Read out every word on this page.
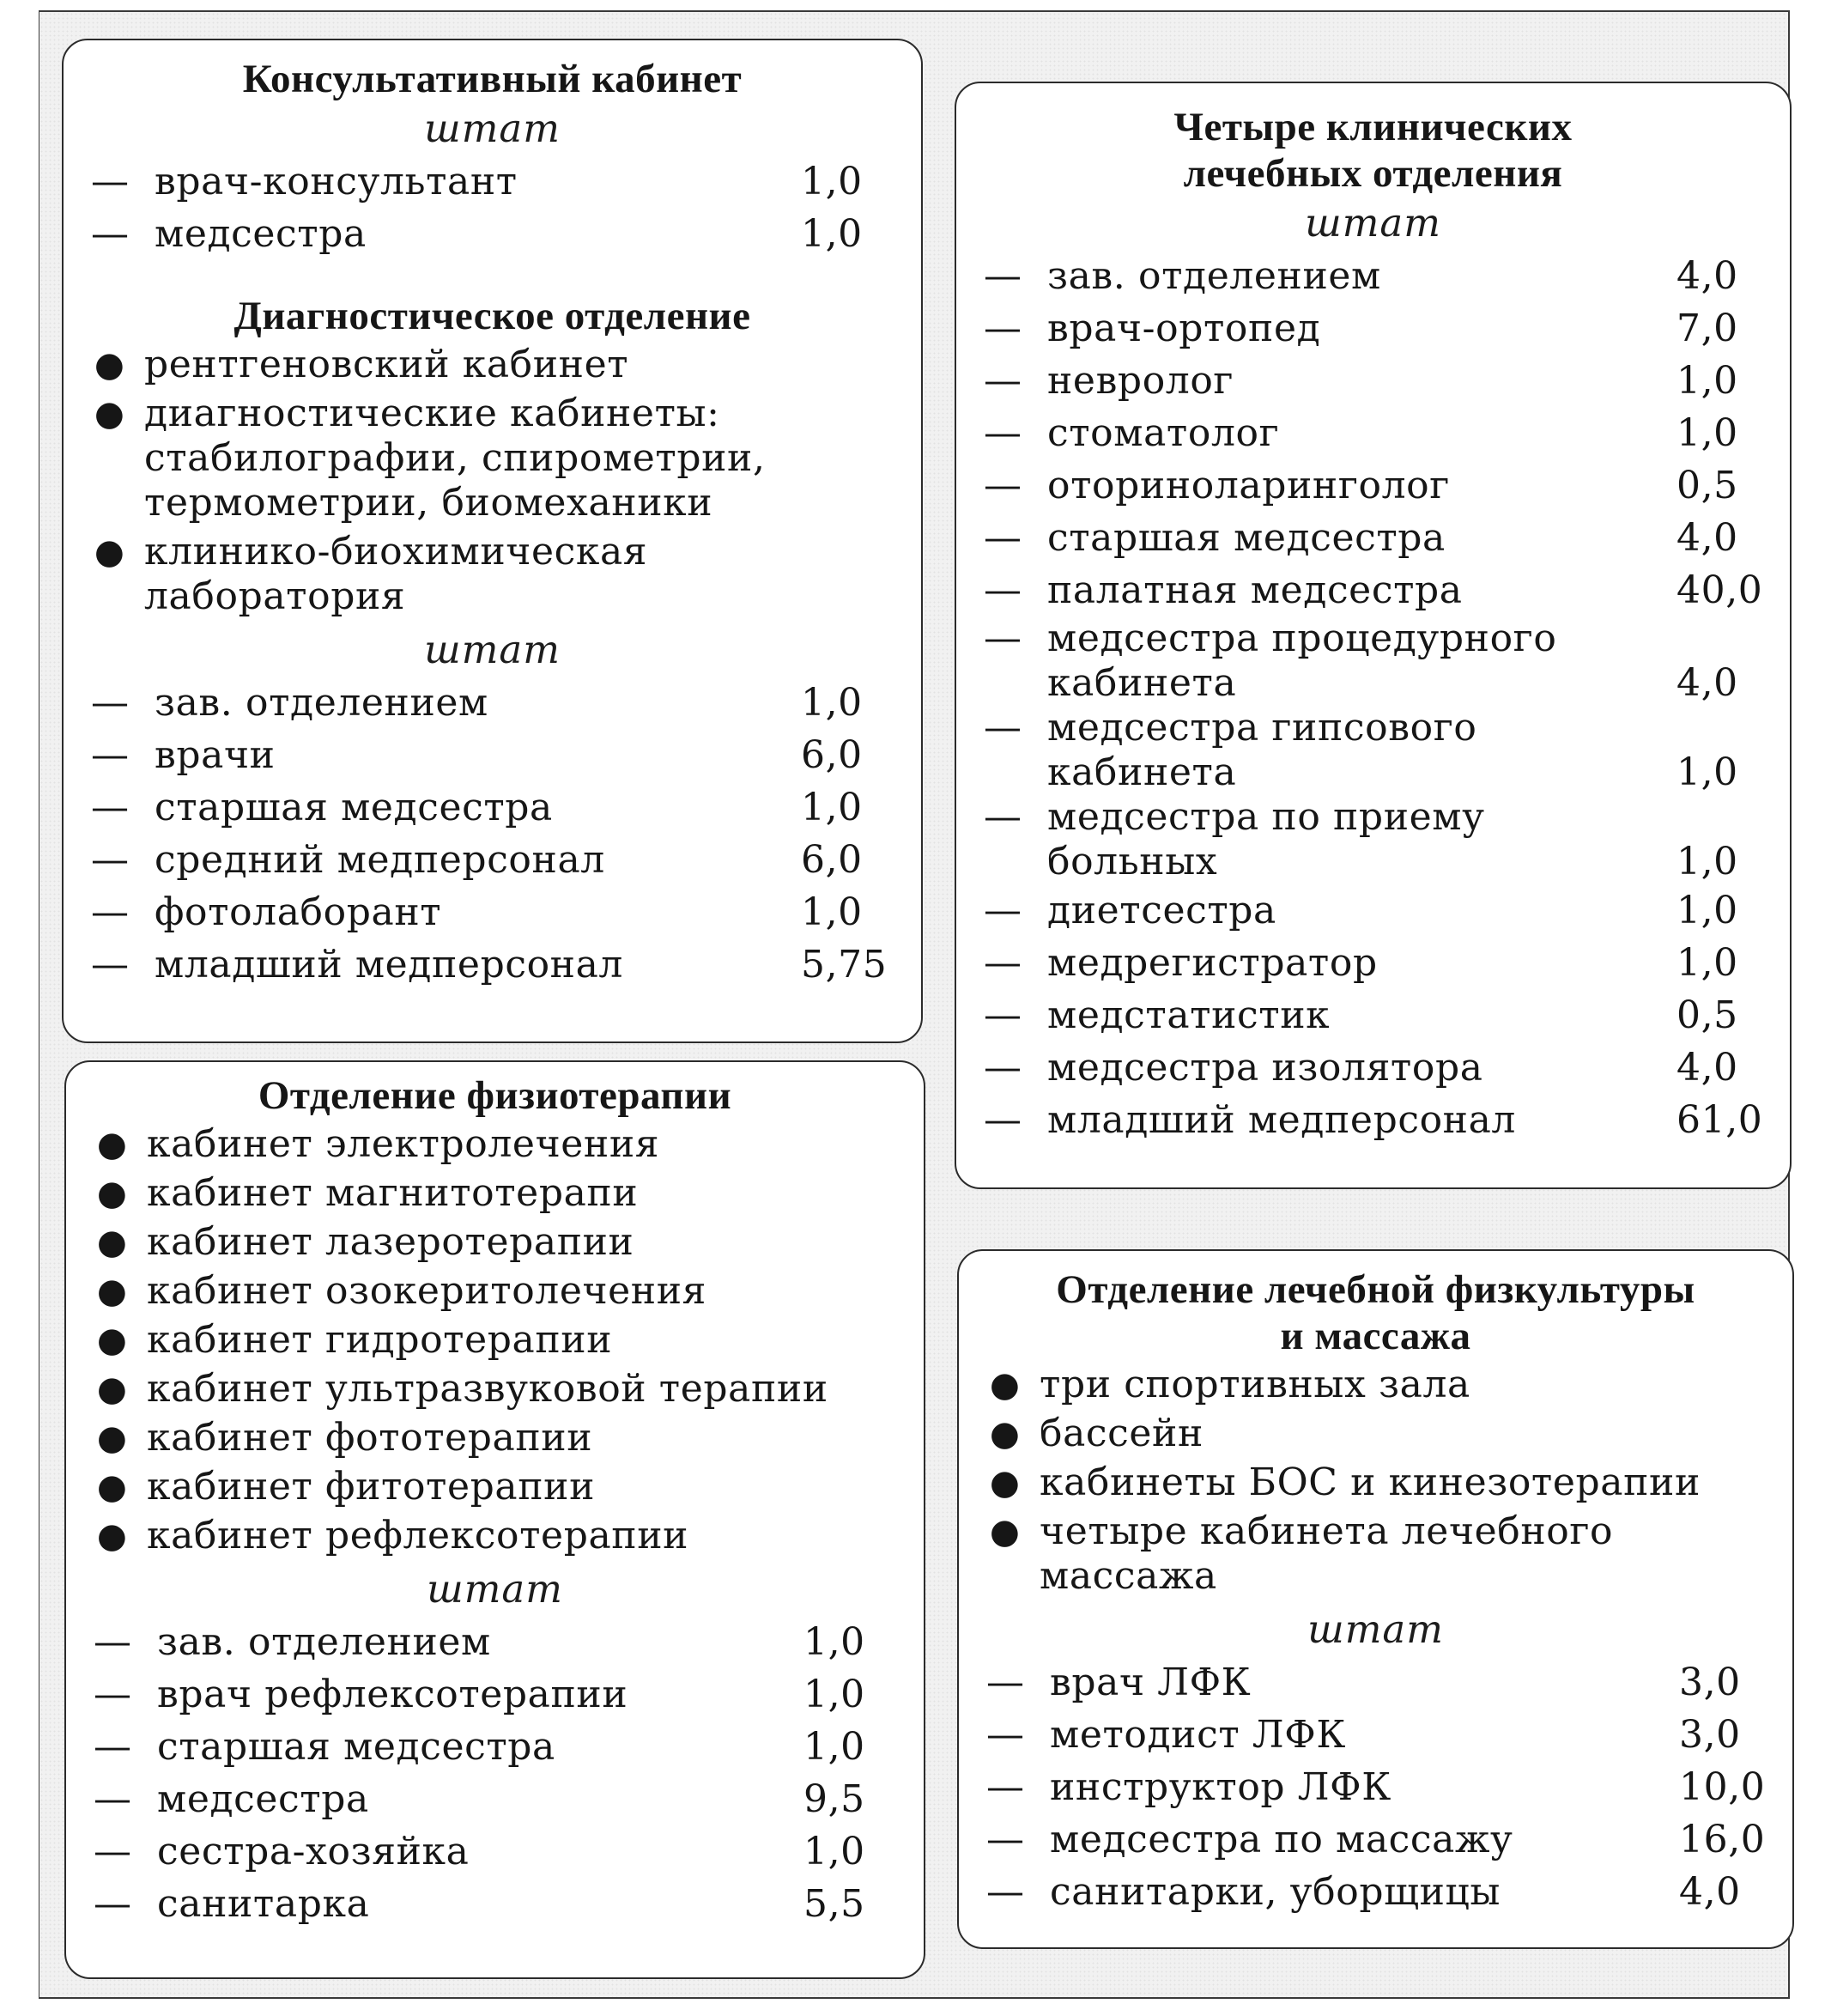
Консультативный кабинет
штат
— врач-консультант	1,0
— медсестра	1,0
Диагностическое отделение
● рентгеновский кабинет
● диагностические кабинеты: стабилографии, спирометрии, термометрии, биомеханики
● клинико-биохимическая лаборатория
штат
— зав. отделением	1,0
— врачи	6,0
— старшая медсестра	1,0
— средний медперсонал	6,0
— фотолаборант	1,0
— младший медперсонал	5,75
Отделение физиотерапии
● кабинет электролечения
● кабинет магнитотерапи
● кабинет лазеротерапии
● кабинет озокеритолечения
● кабинет гидротерапии
● кабинет ультразвуковой терапии
● кабинет фототерапии
● кабинет фитотерапии
● кабинет рефлексотерапии
штат
— зав. отделением	1,0
— врач рефлексотерапии	1,0
— старшая медсестра	1,0
— медсестра	9,5
— сестра-хозяйка	1,0
— санитарка	5,5
Четыре клинических
лечебных отделения
штат
— зав. отделением	4,0
— врач-ортопед	7,0
— невролог	1,0
— стоматолог	1,0
— оториноларинголог	0,5
— старшая медсестра	4,0
— палатная медсестра	40,0
— медсестра процедурного
кабинета	4,0
— медсестра гипсового
кабинета	1,0
— медсестра по приему
больных	1,0
— диетсестра	1,0
— медрегистратор	1,0
— медстатистик	0,5
— медсестра изолятора	4,0
— младший медперсонал	61,0
Отделение лечебной физкультуры
и массажа
● три спортивных зала
● бассейн
● кабинеты БОС и кинезотерапии
● четыре кабинета лечебного массажа
штат
— врач ЛФК	3,0
— методист ЛФК	3,0
— инструктор ЛФК	10,0
— медсестра по массажу	16,0
— санитарки, уборщицы	4,0
